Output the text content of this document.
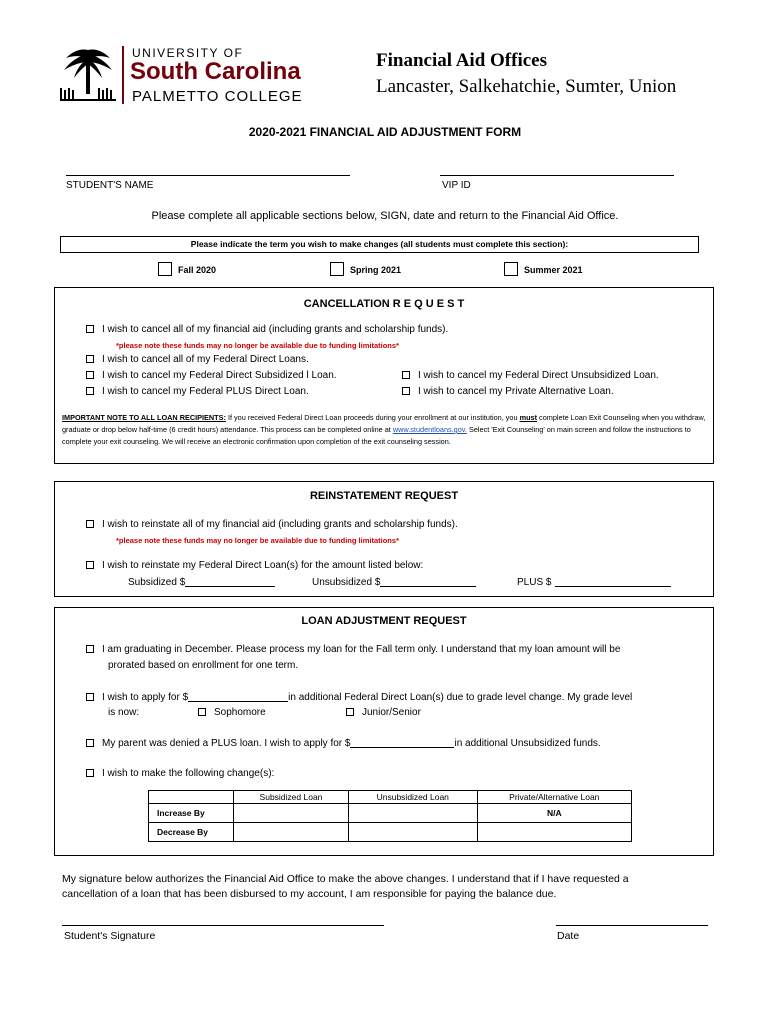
UNIVERSITY OF
South Carolina
PALMETTO COLLEGE
Financial Aid Offices
Lancaster, Salkehatchie, Sumter, Union
2020-2021 FINANCIAL AID ADJUSTMENT FORM
STUDENT'S NAME	VIP ID
Please complete all applicable sections below, SIGN, date and return to the Financial Aid Office.
Please indicate the term you wish to make changes (all students must complete this section):
Fall 2020	Spring 2021	Summer 2021
CANCELLATION R E Q U E S T
I wish to cancel all of my financial aid (including grants and scholarship funds).
*please note these funds may no longer be available due to funding limitations*
I wish to cancel all of my Federal Direct Loans.
I wish to cancel my Federal Direct Subsidized l Loan.
I wish to cancel my Federal PLUS Direct Loan.
I wish to cancel my Federal Direct Unsubsidized Loan.
I wish to cancel my Private Alternative Loan.
IMPORTANT NOTE TO ALL LOAN RECIPIENTS: If you received Federal Direct Loan proceeds during your enrollment at our institution, you must complete Loan Exit Counseling when you withdraw, graduate or drop below half-time (6 credit hours) attendance. This process can be completed online at www.studentloans.gov. Select 'Exit Counseling' on main screen and follow the instructions to complete your exit counseling. We will receive an electronic confirmation upon completion of the exit counseling session.
REINSTATEMENT REQUEST
I wish to reinstate all of my financial aid (including grants and scholarship funds).
*please note these funds may no longer be available due to funding limitations*
I wish to reinstate my Federal Direct Loan(s) for the amount listed below:
Subsidized $	Unsubsidized $	PLUS $
LOAN ADJUSTMENT REQUEST
I am graduating in December. Please process my loan for the Fall term only. I understand that my loan amount will be
prorated based on enrollment for one term.
I wish to apply for $	in additional Federal Direct Loan(s) due to grade level change. My grade level
is now:	Sophomore	Junior/Senior
My parent was denied a PLUS loan. I wish to apply for $	in additional Unsubsidized funds.
I wish to make the following change(s):
	Subsidized Loan	Unsubsidized Loan	Private/Alternative Loan
Increase By			N/A
Decrease By			
My signature below authorizes the Financial Aid Office to make the above changes. I understand that if I have requested a
cancellation of a loan that has been disbursed to my account, I am responsible for paying the balance due.
Student's Signature	Date
